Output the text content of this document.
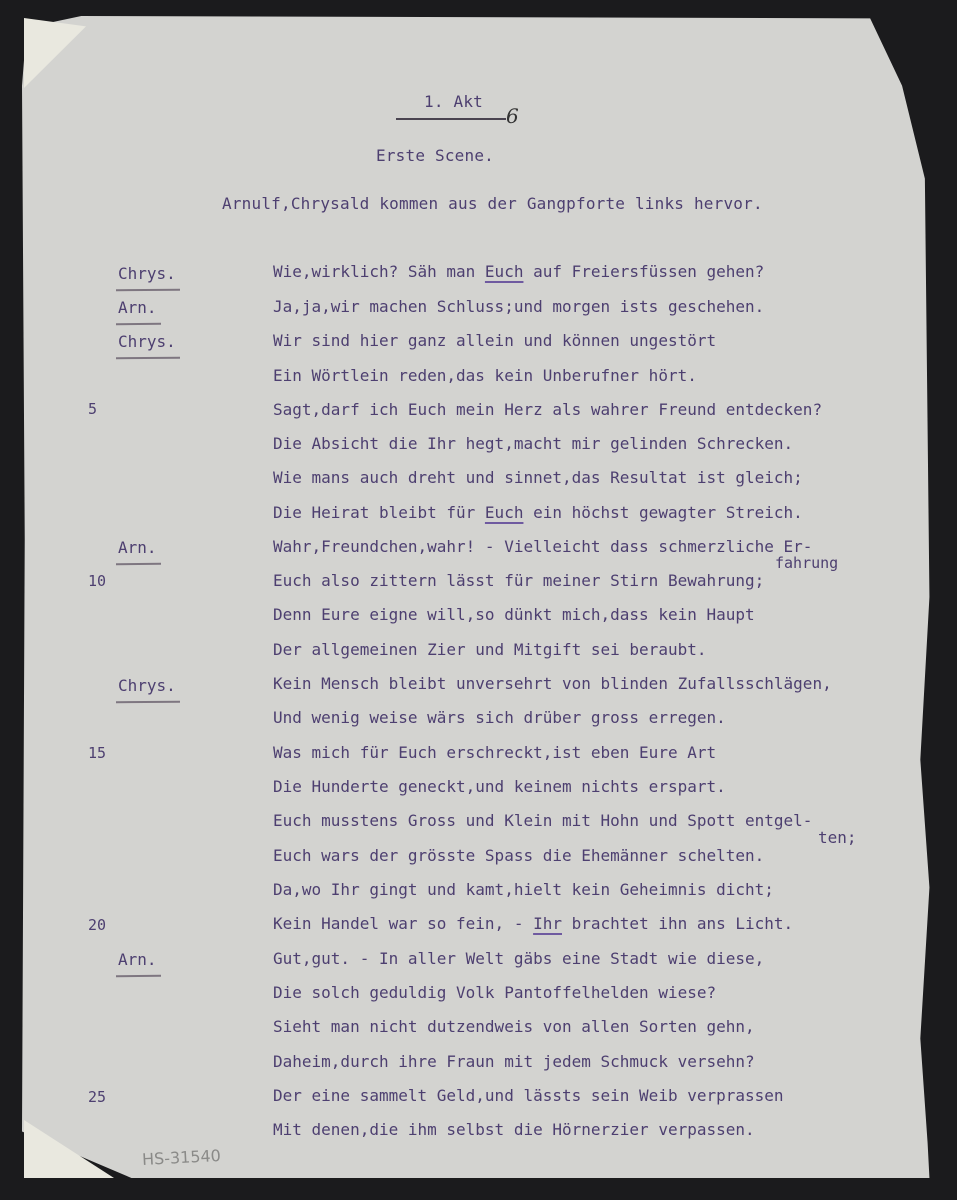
1. Akt
6
Erste Scene.
Arnulf,Chrysald kommen aus der Gangpforte links hervor.
Chrys.
Arn.
Chrys.
Arn.
Chrys.
Arn.
5
10
15
20
25
Wie,wirklich? Säh man Euch auf Freiersfüssen gehen?
Ja,ja,wir machen Schluss;und morgen ists geschehen.
Wir sind hier ganz allein und können ungestört
Ein Wörtlein reden,das kein Unberufner hört.
Sagt,darf ich Euch mein Herz als wahrer Freund entdecken?
Die Absicht die Ihr hegt,macht mir gelinden Schrecken.
Wie mans auch dreht und sinnet,das Resultat ist gleich;
Die Heirat bleibt für Euch ein höchst gewagter Streich.
Wahr,Freundchen,wahr! - Vielleicht dass schmerzliche Er-
fahrung
Euch also zittern lässt für meiner Stirn Bewahrung;
Denn Eure eigne will,so dünkt mich,dass kein Haupt
Der allgemeinen Zier und Mitgift sei beraubt.
Kein Mensch bleibt unversehrt von blinden Zufallsschlägen,
Und wenig weise wärs sich drüber gross erregen.
Was mich für Euch erschreckt,ist eben Eure Art
Die Hunderte geneckt,und keinem nichts erspart.
Euch musstens Gross und Klein mit Hohn und Spott entgel-
ten;
Euch wars der grösste Spass die Ehemänner schelten.
Da,wo Ihr gingt und kamt,hielt kein Geheimnis dicht;
Kein Handel war so fein, - Ihr brachtet ihn ans Licht.
Gut,gut. - In aller Welt gäbs eine Stadt wie diese,
Die solch geduldig Volk Pantoffelhelden wiese?
Sieht man nicht dutzendweis von allen Sorten gehn,
Daheim,durch ihre Fraun mit jedem Schmuck versehn?
Der eine sammelt Geld,und lässts sein Weib verprassen
Mit denen,die ihm selbst die Hörnerzier verpassen.
HS-31540
